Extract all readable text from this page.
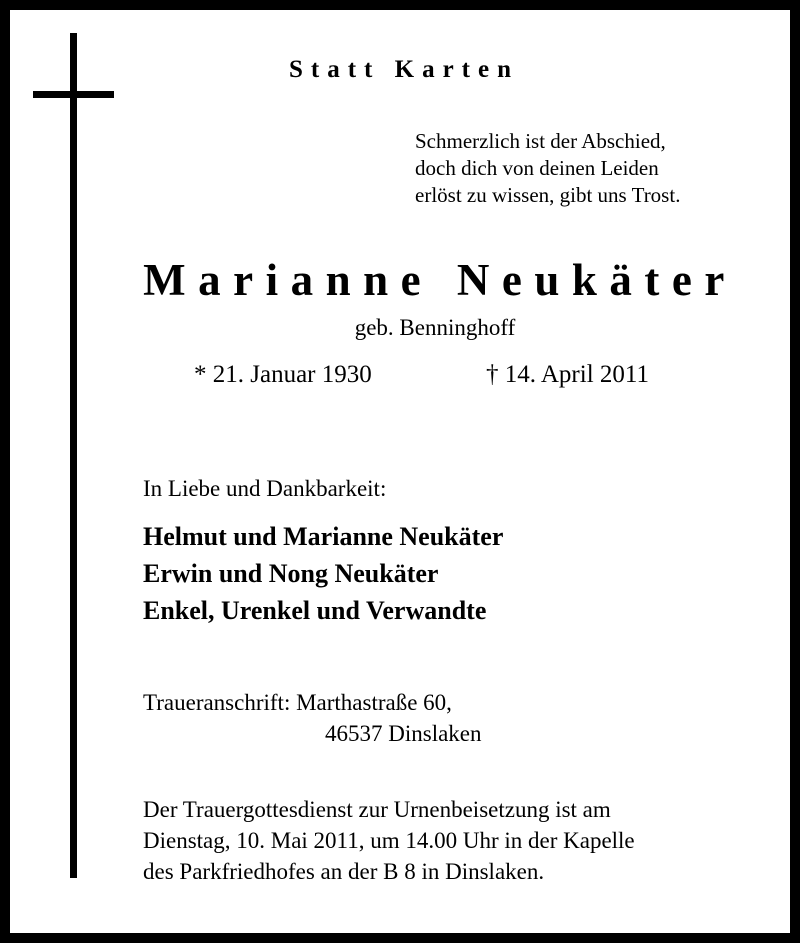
Statt Karten
Schmerzlich ist der Abschied,
doch dich von deinen Leiden
erlöst zu wissen, gibt uns Trost.
Marianne Neukäter
geb. Benninghoff
* 21. Januar 1930	† 14. April 2011
In Liebe und Dankbarkeit:
Helmut und Marianne Neukäter
Erwin und Nong Neukäter
Enkel, Urenkel und Verwandte
Traueranschrift: Marthastraße 60,
46537 Dinslaken
Der Trauergottesdienst zur Urnenbeisetzung ist am
Dienstag, 10. Mai 2011, um 14.00 Uhr in der Kapelle
des Parkfriedhofes an der B 8 in Dinslaken.
